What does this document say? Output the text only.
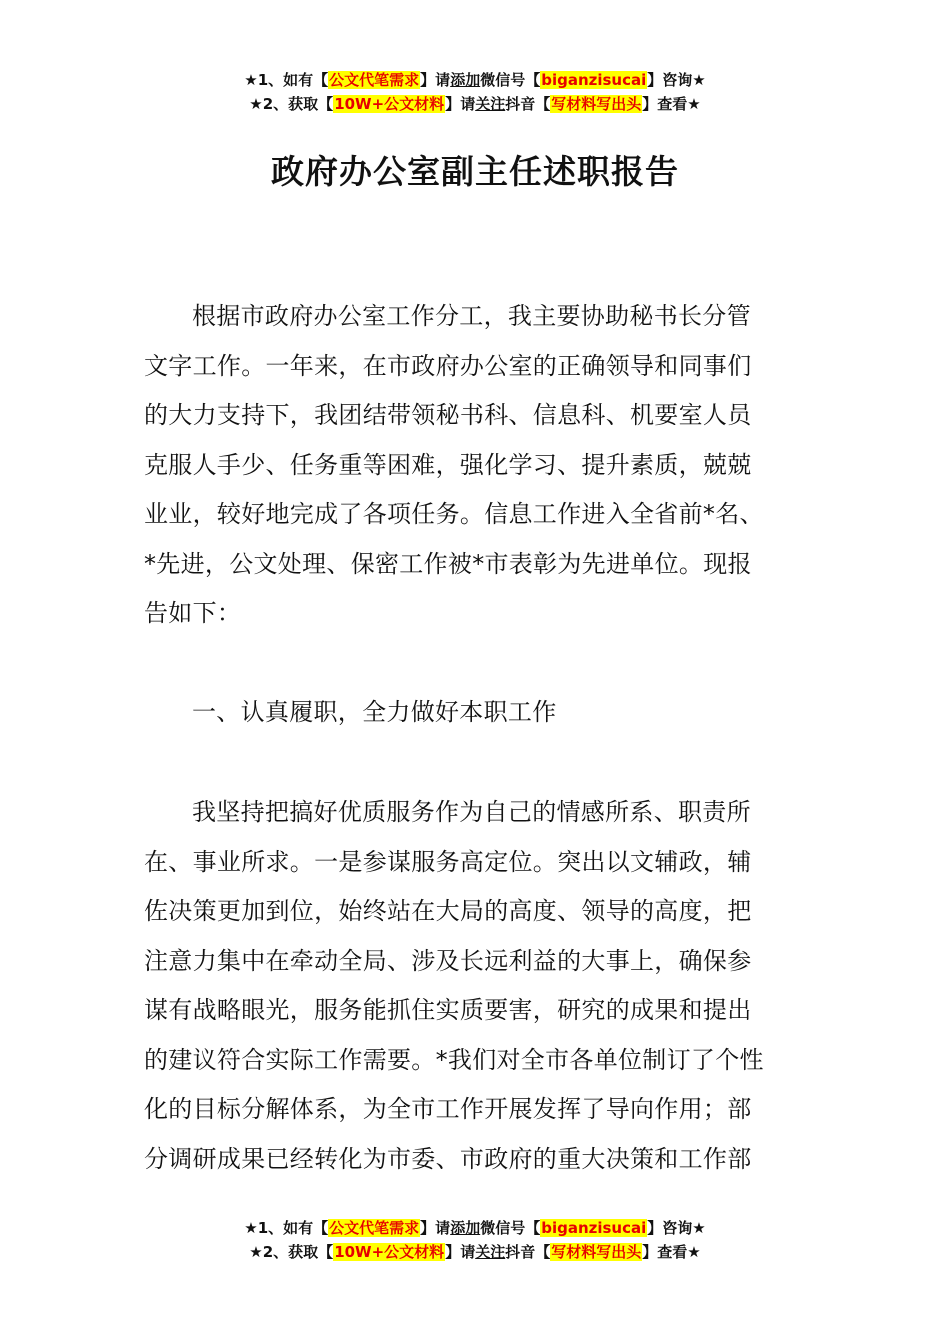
★1、如有【公文代笔需求】请添加微信号【biganzisucai】咨询★
★2、获取【10W+公文材料】请关注抖音【写材料写出头】查看★
政府办公室副主任述职报告
根据市政府办公室工作分工，我主要协助秘书长分管
文字工作。一年来，在市政府办公室的正确领导和同事们
的大力支持下，我团结带领秘书科、信息科、机要室人员
克服人手少、任务重等困难，强化学习、提升素质，兢兢
业业，较好地完成了各项任务。信息工作进入全省前*名、
*先进，公文处理、保密工作被*市表彰为先进单位。现报
告如下：
一、认真履职，全力做好本职工作
我坚持把搞好优质服务作为自己的情感所系、职责所
在、事业所求。一是参谋服务高定位。突出以文辅政，辅
佐决策更加到位，始终站在大局的高度、领导的高度，把
注意力集中在牵动全局、涉及长远利益的大事上，确保参
谋有战略眼光，服务能抓住实质要害，研究的成果和提出
的建议符合实际工作需要。*我们对全市各单位制订了个性
化的目标分解体系，为全市工作开展发挥了导向作用；部
分调研成果已经转化为市委、市政府的重大决策和工作部
★1、如有【公文代笔需求】请添加微信号【biganzisucai】咨询★
★2、获取【10W+公文材料】请关注抖音【写材料写出头】查看★
